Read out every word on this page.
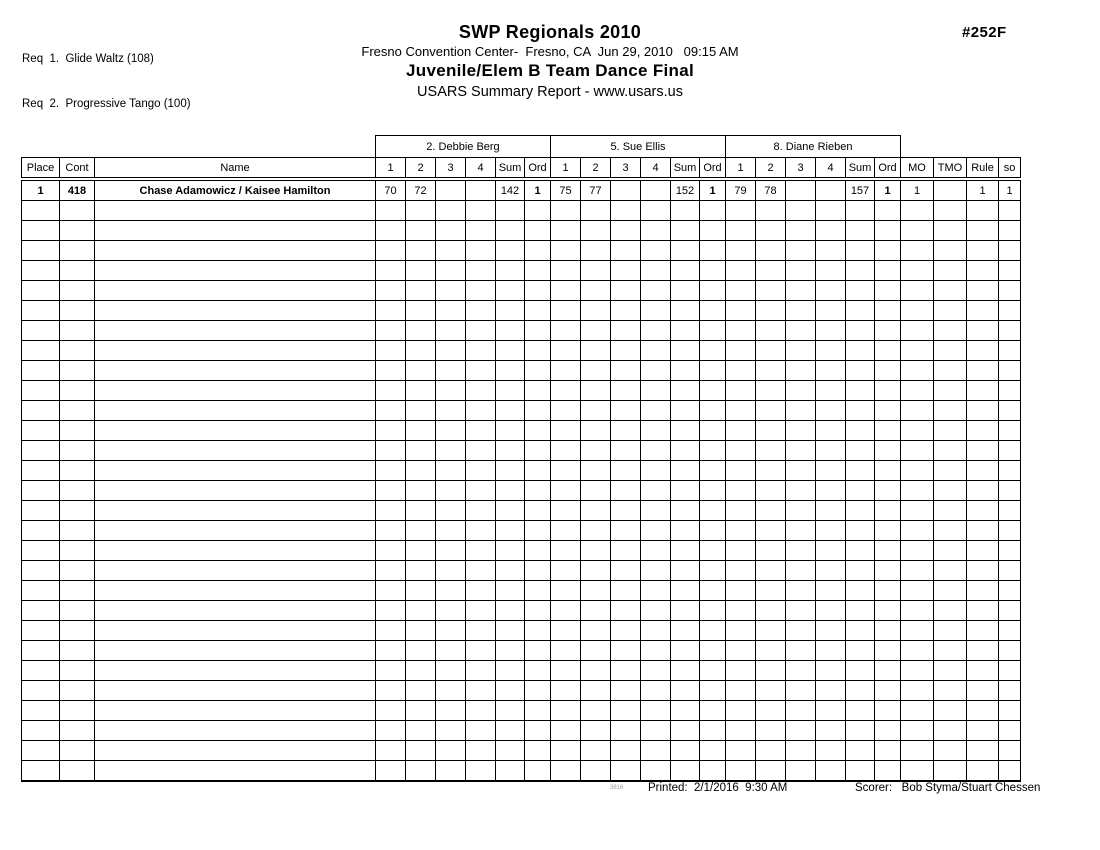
Req  1.  Glide Waltz (108)

Req  2.  Progressive Tango (100)

SWP Regionals 2010
Fresno Convention Center-  Fresno, CA  Jun 29, 2010   09:15 AM
Juvenile/Elem B Team Dance Final
USARS Summary Report - www.usars.us
#252F
			2. Debbie Berg						5. Sue Ellis						8. Diane Rieben									
Place	Cont	Name	1	2	3	4	Sum	Ord	1	2	3	4	Sum	Ord	1	2	3	4	Sum	Ord	MO	TMO	Rule	so
1	418	Chase Adamowicz / Kaisee Hamilton	70	72			142	1	75	77			152	1	79	78			157	1	1		1	1

3816 Printed:  2/1/2016  9:30 AM	Scorer:   Bob Styma/Stuart Chessen
